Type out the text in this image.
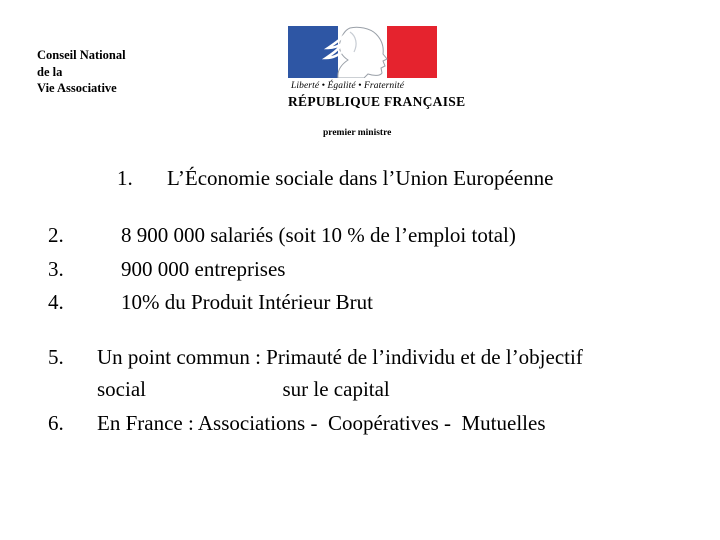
Conseil National
de la
Vie Associative	Liberté • Égalité • Fraternité
RÉPUBLIQUE FRANÇAISE
premier ministre
1. L’Économie sociale dans l’Union Européenne
2.	8 900 000 salariés (soit 10 % de l’emploi total)
3.	900 000 entreprises
4.	10% du Produit Intérieur Brut
5. Un point commun : Primauté de l’individu et de l’objectif
social                          sur le capital
6. En France : Associations -  Coopératives -  Mutuelles
